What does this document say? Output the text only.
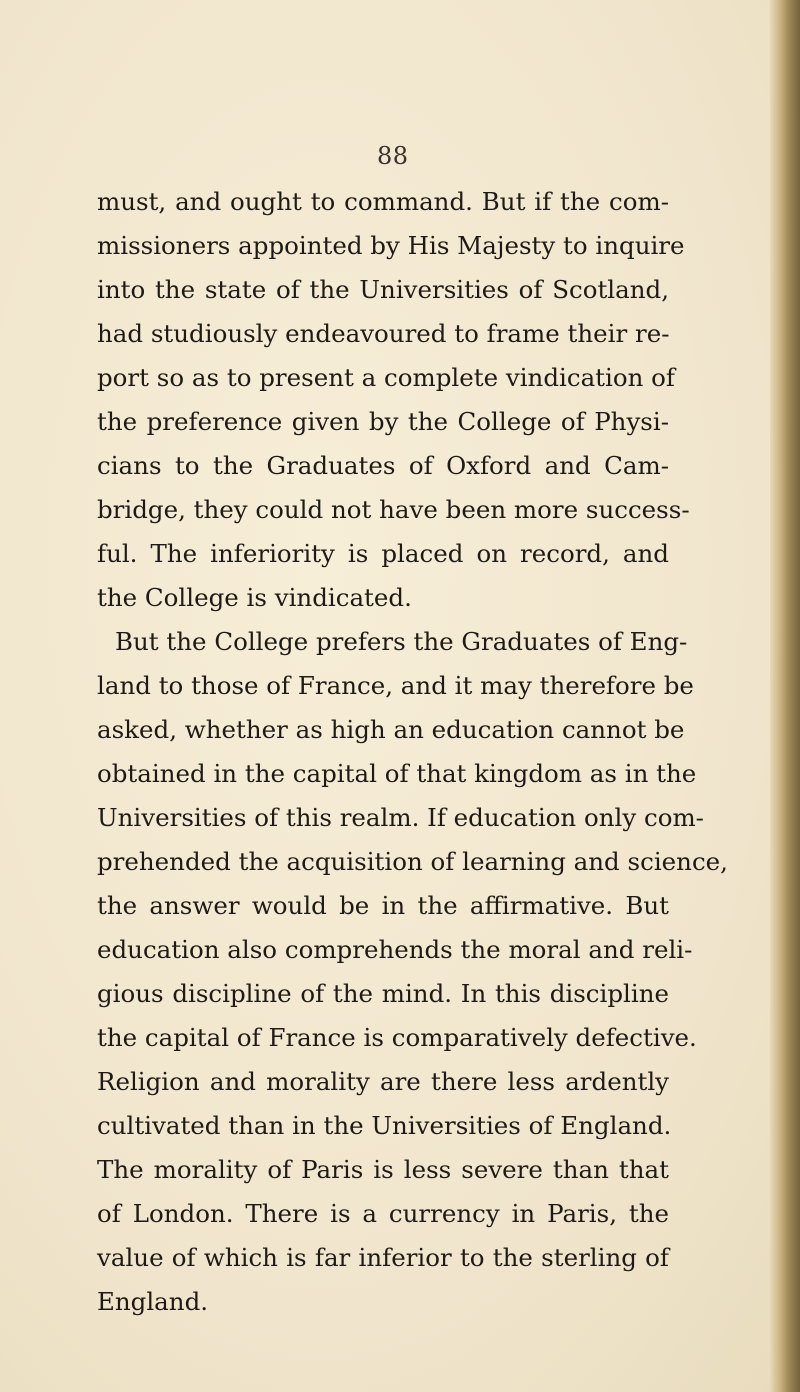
88
must, and ought to command. But if the com-
missioners appointed by His Majesty to inquire
into the state of the Universities of Scotland,
had studiously endeavoured to frame their re-
port so as to present a complete vindication of
the preference given by the College of Physi-
cians to the Graduates of Oxford and Cam-
bridge, they could not have been more success-
ful. The inferiority is placed on record, and
the College is vindicated.
But the College prefers the Graduates of Eng-
land to those of France, and it may therefore be
asked, whether as high an education cannot be
obtained in the capital of that kingdom as in the
Universities of this realm. If education only com-
prehended the acquisition of learning and science,
the answer would be in the affirmative. But
education also comprehends the moral and reli-
gious discipline of the mind. In this discipline
the capital of France is comparatively defective.
Religion and morality are there less ardently
cultivated than in the Universities of England.
The morality of Paris is less severe than that
of London. There is a currency in Paris, the
value of which is far inferior to the sterling of
England.
